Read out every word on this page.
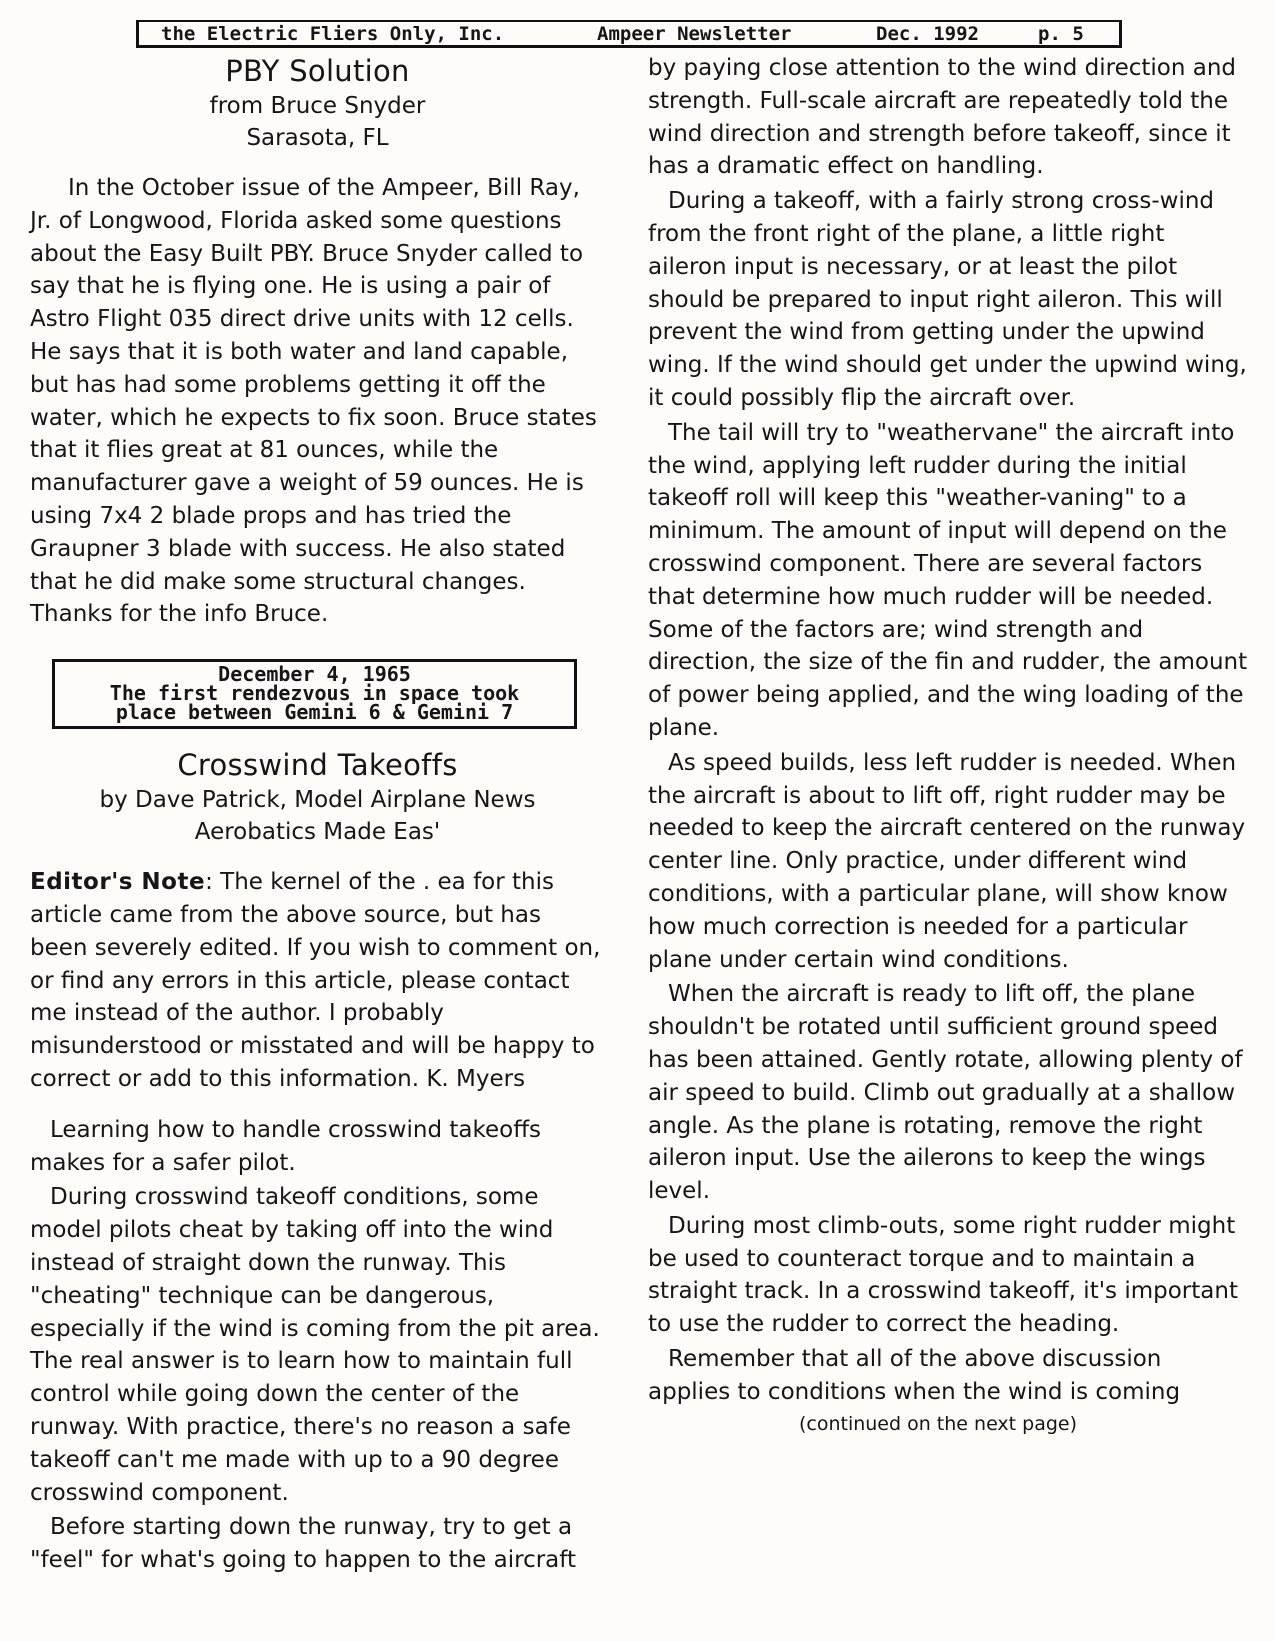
the Electric Fliers Only, Inc.	Ampeer Newsletter	Dec. 1992	p. 5
PBY Solution
from Bruce Snyder
Sarasota, FL

In the October issue of the Ampeer, Bill Ray, Jr. of Longwood, Florida asked some questions about the Easy Built PBY. Bruce Snyder called to say that he is flying one. He is using a pair of Astro Flight 035 direct drive units with 12 cells. He says that it is both water and land capable, but has had some problems getting it off the water, which he expects to fix soon. Bruce states that it flies great at 81 ounces, while the manufacturer gave a weight of 59 ounces. He is using 7x4 2 blade props and has tried the Graupner 3 blade with success. He also stated that he did make some structural changes. Thanks for the info Bruce.

December 4, 1965
The first rendezvous in space took
place between Gemini 6 & Gemini 7
Crosswind Takeoffs
by Dave Patrick, Model Airplane News
Aerobatics Made Eas'

Editor's Note: The kernel of the . ea for this article came from the above source, but has been severely edited. If you wish to comment on, or find any errors in this article, please contact me instead of the author. I probably misunderstood or misstated and will be happy to correct or add to this information. K. Myers

Learning how to handle crosswind takeoffs makes for a safer pilot.

During crosswind takeoff conditions, some model pilots cheat by taking off into the wind instead of straight down the runway. This "cheating" technique can be dangerous, especially if the wind is coming from the pit area. The real answer is to learn how to maintain full control while going down the center of the runway. With practice, there's no reason a safe takeoff can't me made with up to a 90 degree crosswind component.

Before starting down the runway, try to get a "feel" for what's going to happen to the aircraft

by paying close attention to the wind direction and strength. Full-scale aircraft are repeatedly told the wind direction and strength before takeoff, since it has a dramatic effect on handling.

During a takeoff, with a fairly strong cross-wind from the front right of the plane, a little right aileron input is necessary, or at least the pilot should be prepared to input right aileron. This will prevent the wind from getting under the upwind wing. If the wind should get under the upwind wing, it could possibly flip the aircraft over.

The tail will try to "weathervane" the aircraft into the wind, applying left rudder during the initial takeoff roll will keep this "weather-vaning" to a minimum. The amount of input will depend on the crosswind component. There are several factors that determine how much rudder will be needed. Some of the factors are; wind strength and direction, the size of the fin and rudder, the amount of power being applied, and the wing loading of the plane.

As speed builds, less left rudder is needed. When the aircraft is about to lift off, right rudder may be needed to keep the aircraft centered on the runway center line. Only practice, under different wind conditions, with a particular plane, will show know how much correction is needed for a particular plane under certain wind conditions.

When the aircraft is ready to lift off, the plane shouldn't be rotated until sufficient ground speed has been attained. Gently rotate, allowing plenty of air speed to build. Climb out gradually at a shallow angle. As the plane is rotating, remove the right aileron input. Use the ailerons to keep the wings level.

During most climb-outs, some right rudder might be used to counteract torque and to maintain a straight track. In a crosswind takeoff, it's important to use the rudder to correct the heading.

Remember that all of the above discussion applies to conditions when the wind is coming

(continued on the next page)
